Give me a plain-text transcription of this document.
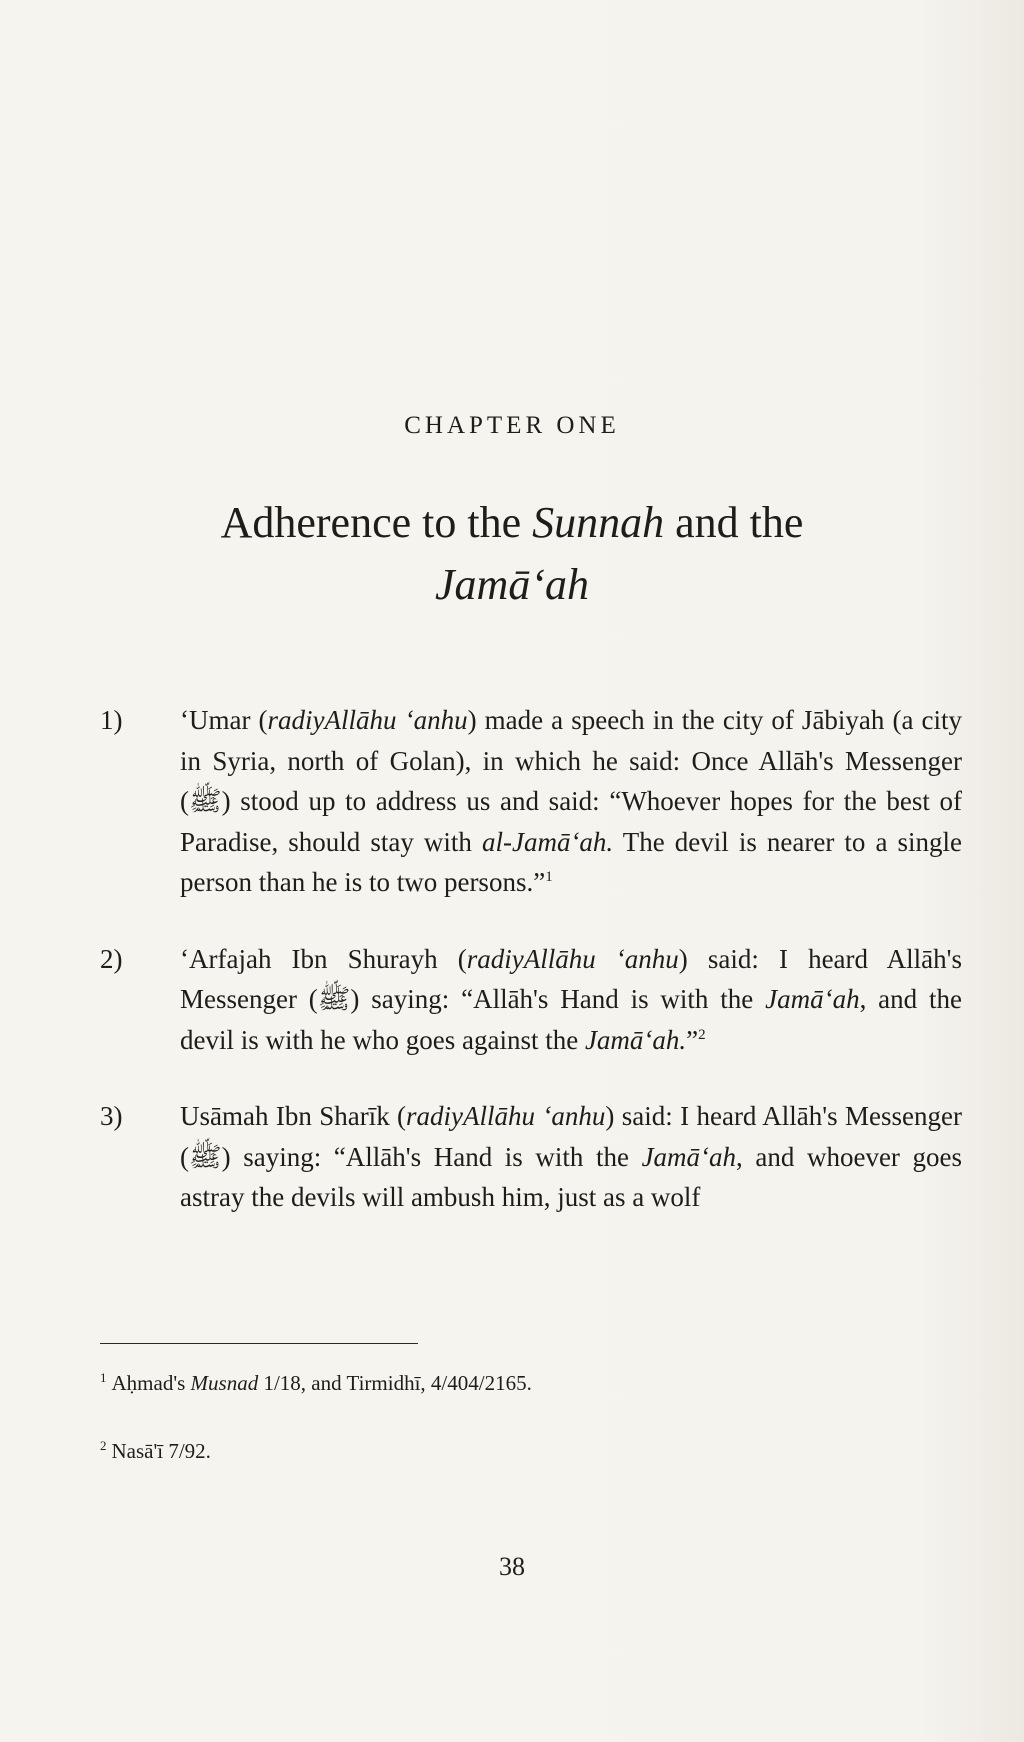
CHAPTER ONE
Adherence to the Sunnah and the
Jamā‘ah
1)	‘Umar (radiyAllāhu ‘anhu) made a speech in the city of Jābiyah (a city in Syria, north of Golan), in which he said: Once Allāh's Messenger (ﷺ) stood up to address us and said: “Whoever hopes for the best of Paradise, should stay with al-Jamā‘ah. The devil is nearer to a single person than he is to two persons.”$^1$
2)	‘Arfajah Ibn Shurayh (radiyAllāhu ‘anhu) said: I heard Allāh's Messenger (ﷺ) saying: “Allāh's Hand is with the Jamā‘ah, and the devil is with he who goes against the Jamā‘ah.”$^2$
3)	Usāmah Ibn Sharīk (radiyAllāhu ‘anhu) said: I heard Allāh's Messenger (ﷺ) saying: “Allāh's Hand is with the Jamā‘ah, and whoever goes astray the devils will ambush him, just as a wolf
$^1$ Aḥmad's Musnad 1/18, and Tirmidhī, 4/404/2165.
$^2$ Nasā'ī 7/92.
38
